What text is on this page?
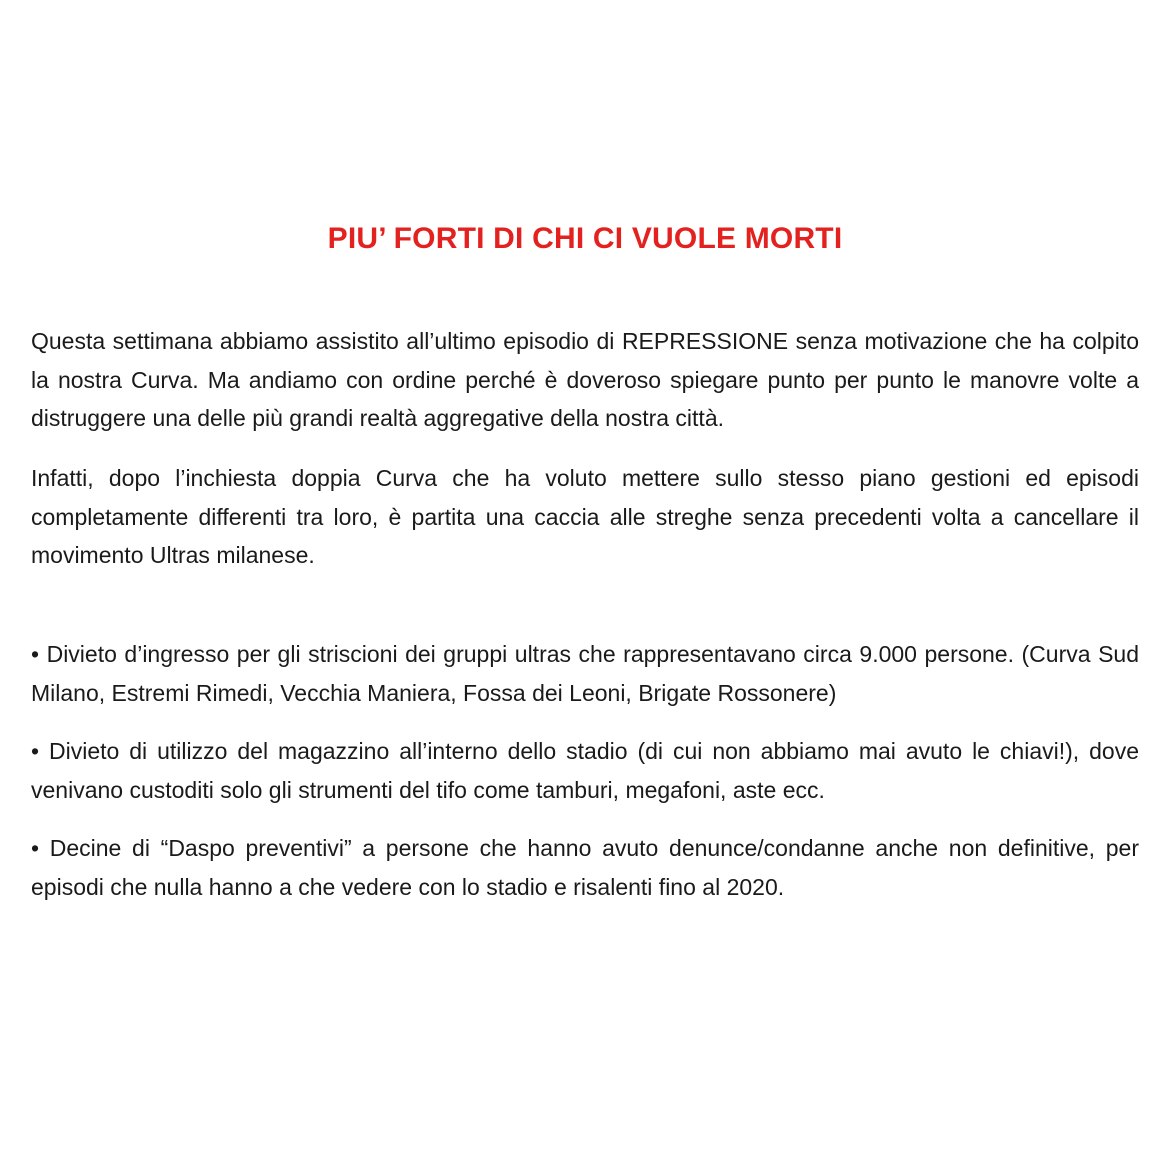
PIU’ FORTI DI CHI CI VUOLE MORTI

Questa settimana abbiamo assistito all’ultimo episodio di REPRESSIONE senza motivazione che ha colpito la nostra Curva. Ma andiamo con ordine perché è doveroso spiegare punto per punto le manovre volte a distruggere una delle più grandi realtà aggregative della nostra città.

Infatti, dopo l’inchiesta doppia Curva che ha voluto mettere sullo stesso piano gestioni ed episodi completamente differenti tra loro, è partita una caccia alle streghe senza precedenti volta a cancellare il movimento Ultras milanese.

• Divieto d’ingresso per gli striscioni dei gruppi ultras che rappresentavano circa 9.000 persone. (Curva Sud Milano, Estremi Rimedi, Vecchia Maniera, Fossa dei Leoni, Brigate Rossonere)

• Divieto di utilizzo del magazzino all’interno dello stadio (di cui non abbiamo mai avuto le chiavi!), dove venivano custoditi solo gli strumenti del tifo come tamburi, megafoni, aste ecc.

• Decine di “Daspo preventivi” a persone che hanno avuto denunce/condanne anche non definitive, per episodi che nulla hanno a che vedere con lo stadio e risalenti fino al 2020.
